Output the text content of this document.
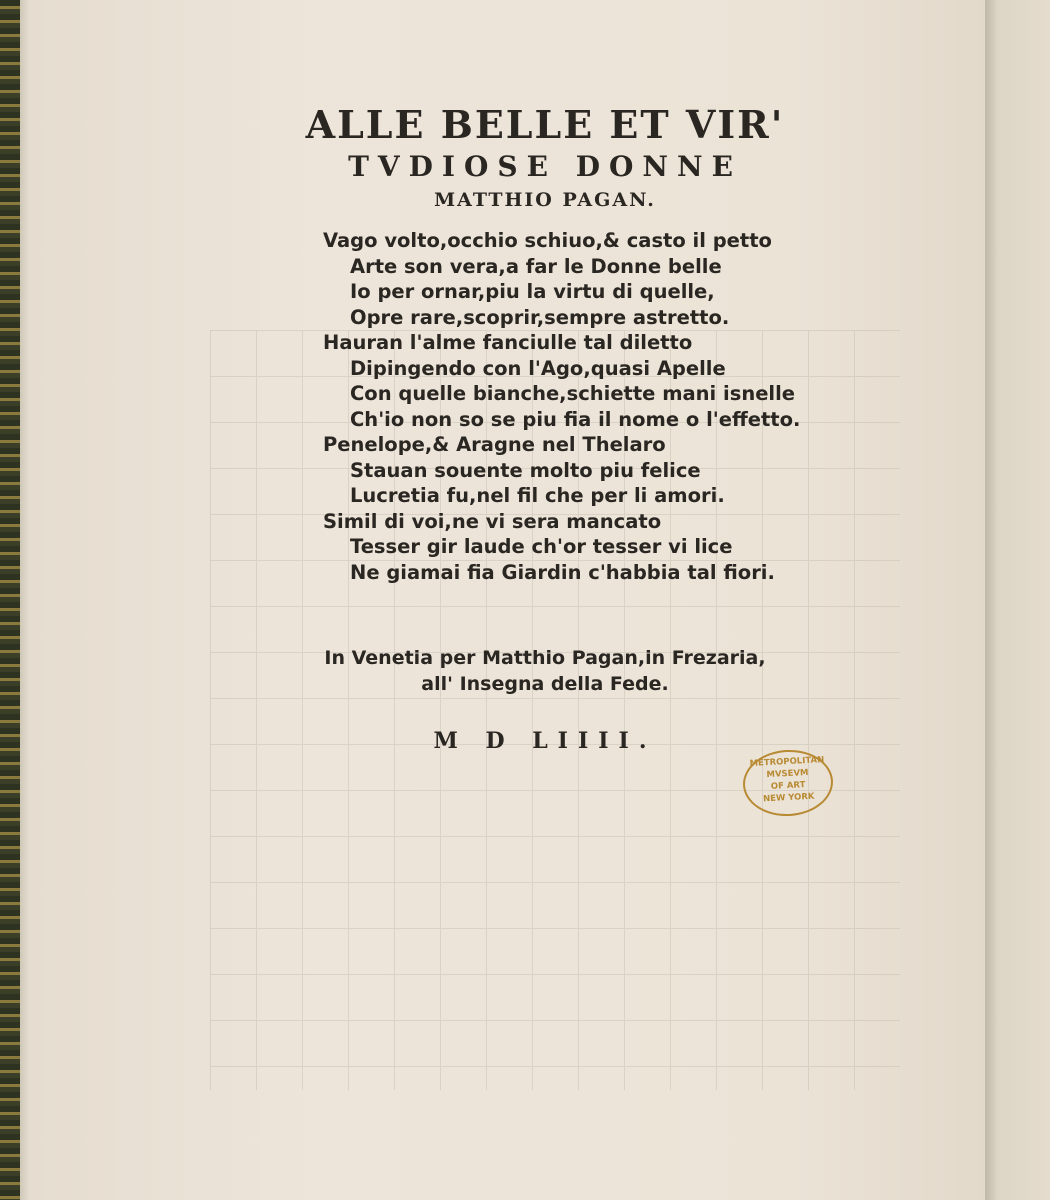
ALLE BELLE ET VIR'
TVDIOSE DONNE
MATTHIO PAGAN.
Vago volto,occhio schiuo,& casto il petto
Arte son vera,a far le Donne belle
Io per ornar,piu la virtu di quelle,
Opre rare,scoprir,sempre astretto.
Hauran l'alme fanciulle tal diletto
Dipingendo con l'Ago,quasi Apelle
Con quelle bianche,schiette mani isnelle
Ch'io non so se piu fia il nome o l'effetto.
Penelope,& Aragne nel Thelaro
Stauan souente molto piu felice
Lucretia fu,nel fil che per li amori.
Simil di voi,ne vi sera mancato
Tesser gir laude ch'or tesser vi lice
Ne giamai fia Giardin c'habbia tal fiori.
In Venetia per Matthio Pagan,in Frezaria,
all' Insegna della Fede.
M D LIIII.
METROPOLITAN
MVSEVM
OF ART
NEW YORK
